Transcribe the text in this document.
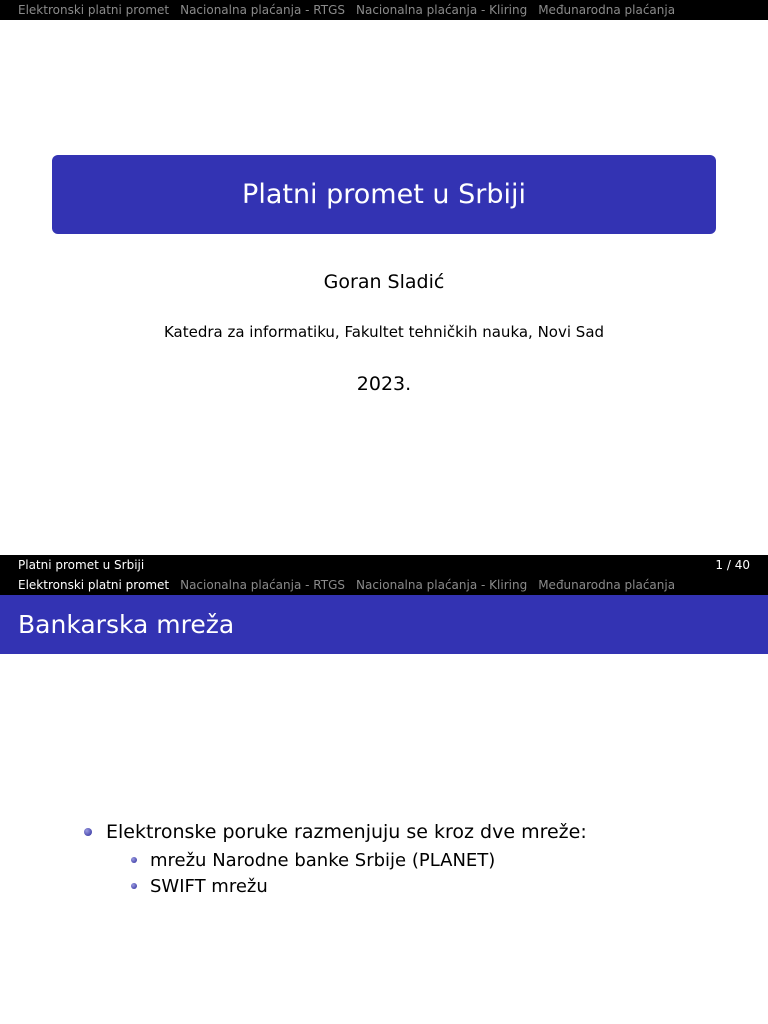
Elektronski platni promet Nacionalna plaćanja - RTGS Nacionalna plaćanja - Kliring Međunarodna plaćanja
Platni promet u Srbiji
Goran Sladić
Katedra za informatiku, Fakultet tehničkih nauka, Novi Sad
2023.
Platni promet u Srbiji	1 / 40
Elektronski platni promet Nacionalna plaćanja - RTGS Nacionalna plaćanja - Kliring Međunarodna plaćanja
Bankarska mreža
Elektronske poruke razmenjuju se kroz dve mreže:
mrežu Narodne banke Srbije (PLANET)
SWIFT mrežu
